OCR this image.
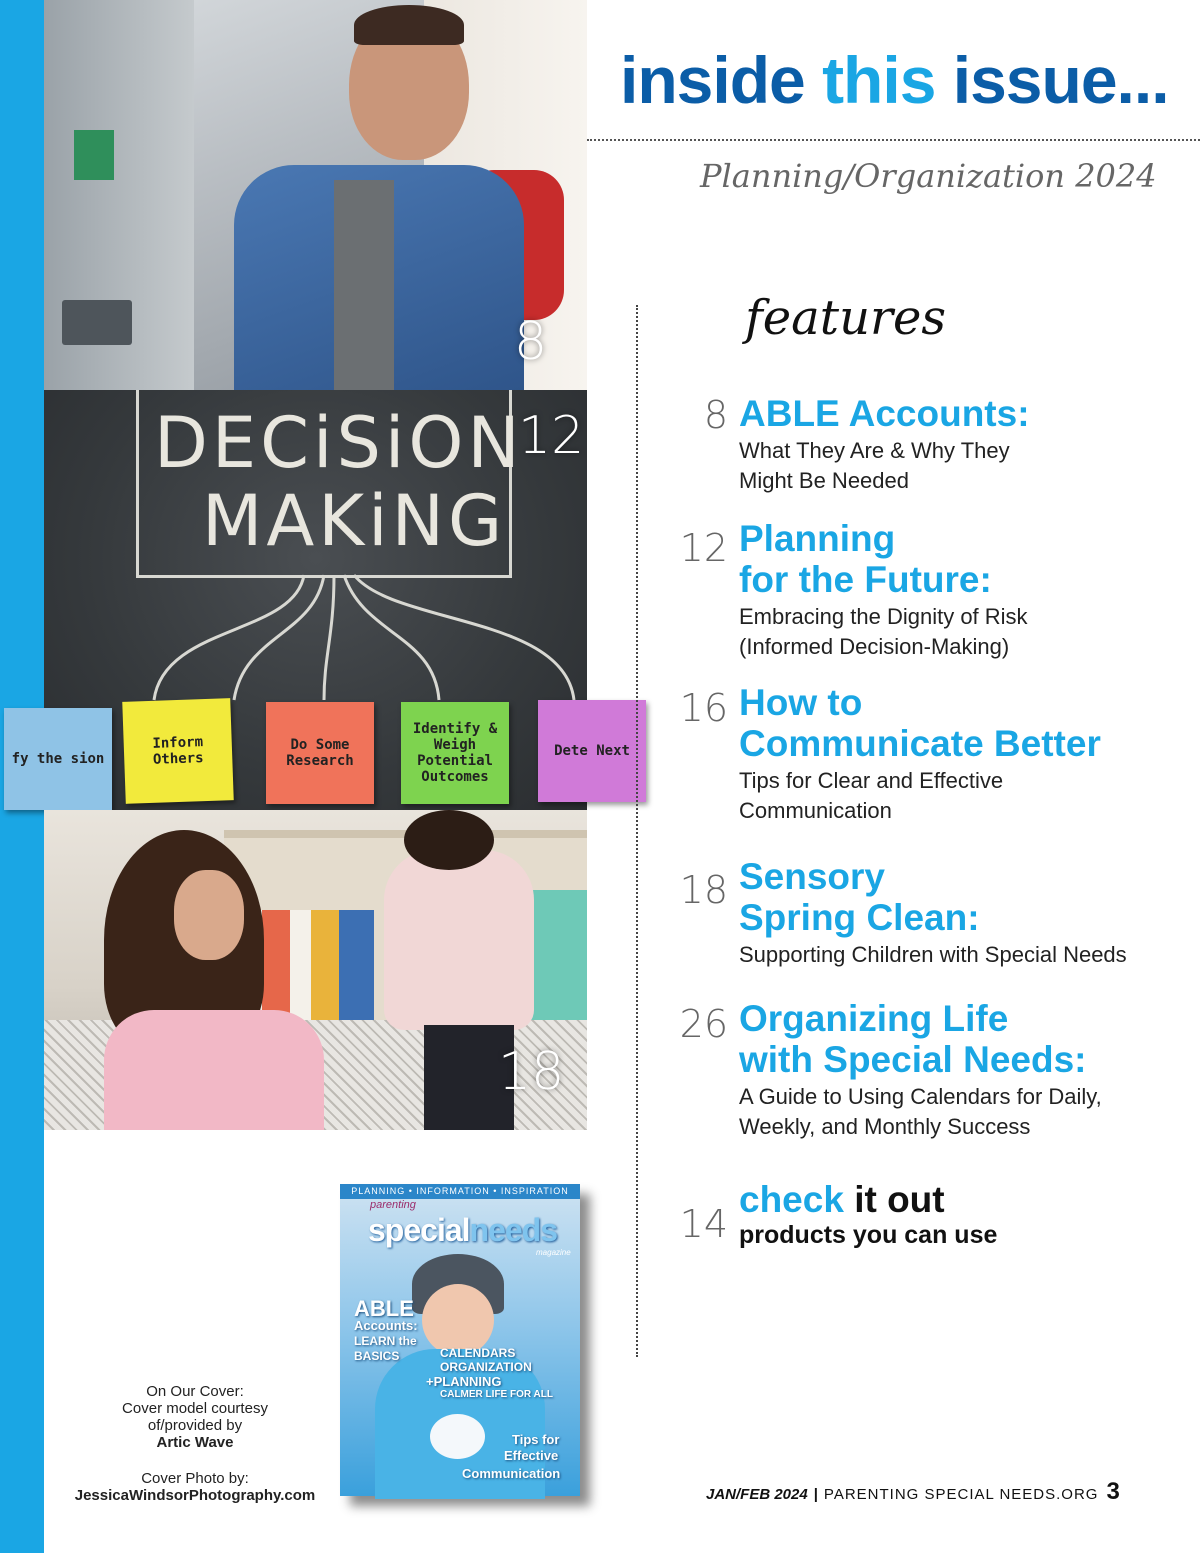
8
DECiSiON
MAKiNG
fy the sion
Inform Others
Do Some Research
Identify & Weigh Potential Outcomes
Dete Next
12
18
inside this issue...
Planning/Organization 2024
features
8 ABLE Accounts:
What They Are & Why They
Might Be Needed
12 Planning
for the Future:
Embracing the Dignity of Risk
(Informed Decision-Making)
16 How to
Communicate Better
Tips for Clear and Effective
Communication
18 Sensory
Spring Clean:
Supporting Children with Special Needs
26 Organizing Life
with Special Needs:
A Guide to Using Calendars for Daily,
Weekly, and Monthly Success
14
check it out
products you can use
On Our Cover:
Cover model courtesy
of/provided by
Artic Wave
Cover Photo by:
JessicaWindsorPhotography.com
PLANNING • INFORMATION • INSPIRATION
parenting
specialneeds
magazine
ABLE
Accounts:
LEARN the
BASICS	CALENDARS
ORGANIZATION
+PLANNING
CALMER LIFE FOR ALL
Tips for
Effective
Communication
JAN/FEB 2024 | PARENTING SPECIAL NEEDS.ORG 3
